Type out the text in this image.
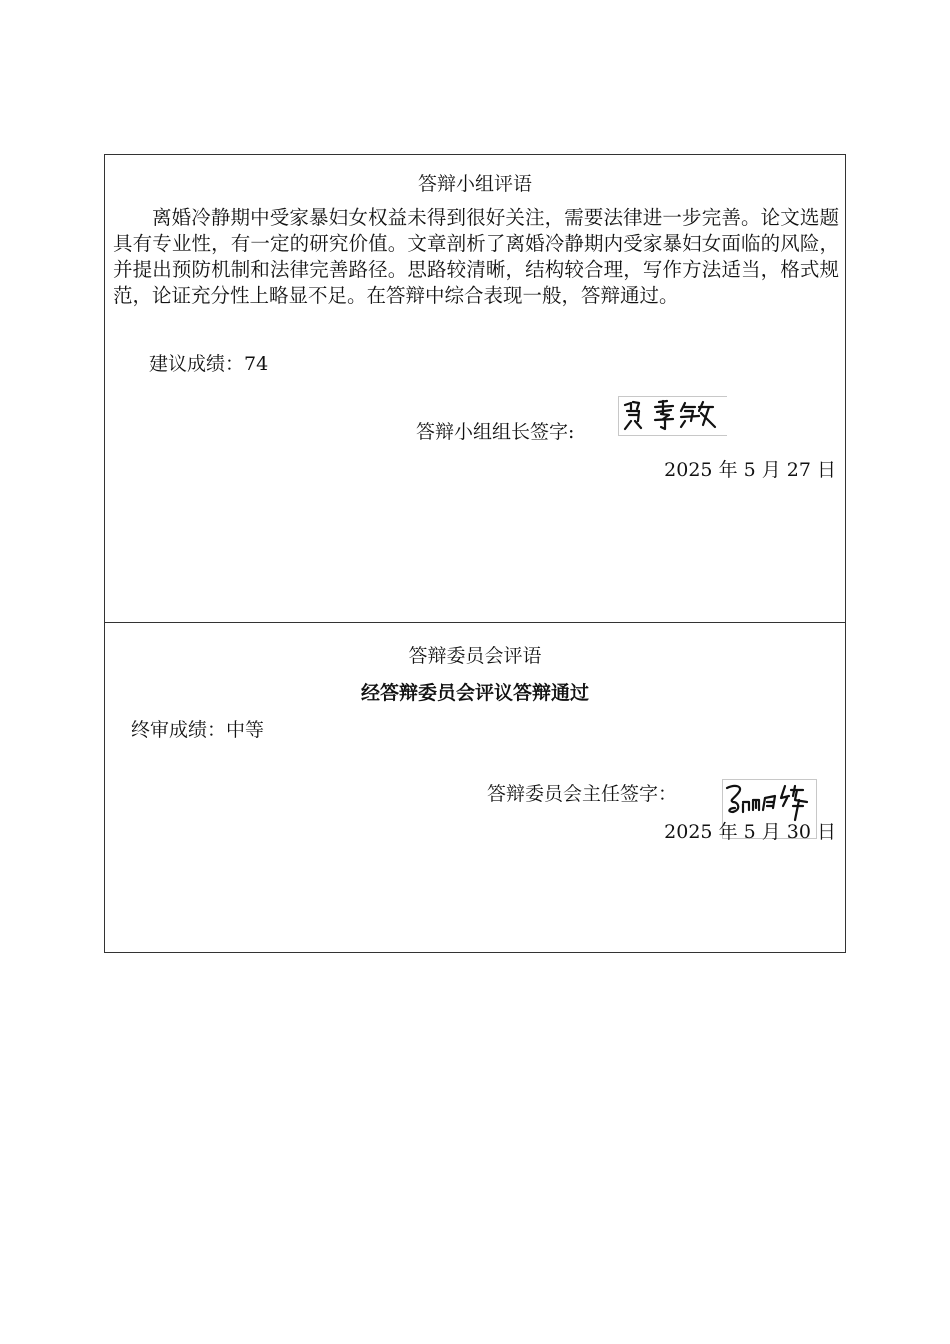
答辩小组评语
离婚冷静期中受家暴妇女权益未得到很好关注，需要法律进一步完善。论文选题具有专业性，有一定的研究价值。文章剖析了离婚冷静期内受家暴妇女面临的风险，并提出预防机制和法律完善路径。思路较清晰，结构较合理，写作方法适当，格式规范，论证充分性上略显不足。在答辩中综合表现一般，答辩通过。
建议成绩：74
答辩小组组长签字:
2025 年 5 月 27 日
答辩委员会评语
经答辩委员会评议答辩通过
终审成绩：中等
答辩委员会主任签字：
2025 年 5 月 30 日
